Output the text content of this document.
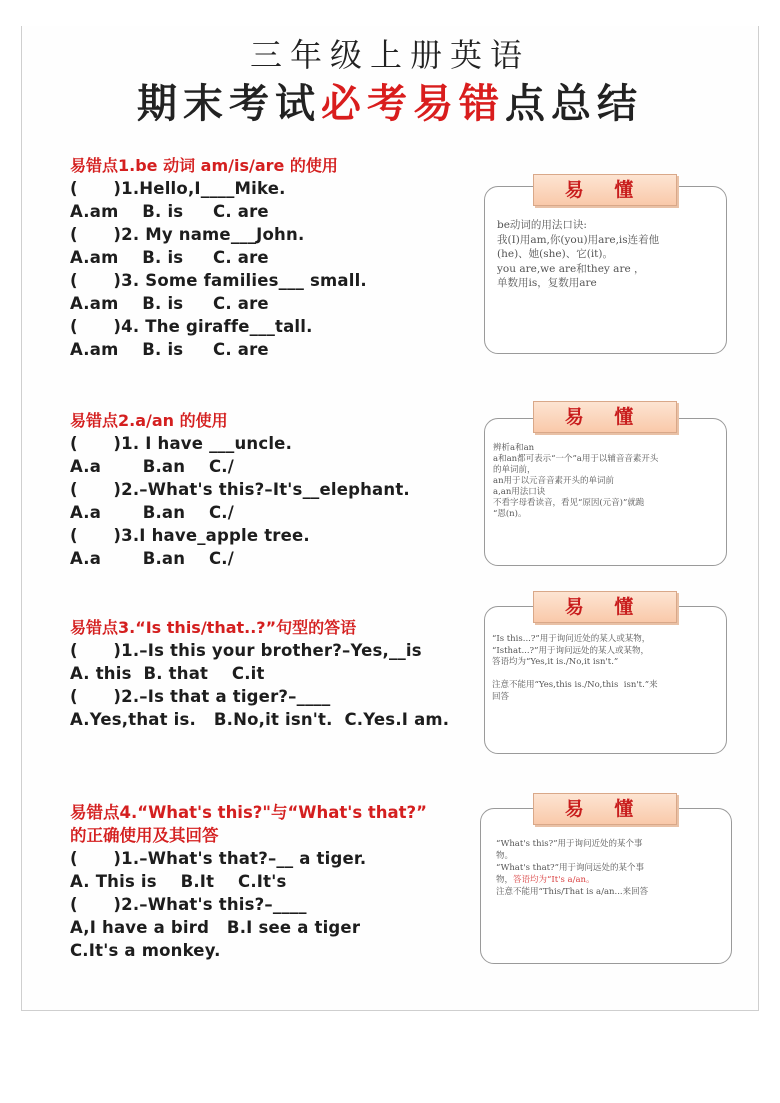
三年级上册英语
期末考试必考易错点总结
易错点1.be 动词 am/is/are 的使用
(      )1.Hello,I____Mike.
A.am    B. is     C. are
(      )2. My name___John.
A.am    B. is     C. are
(      )3. Some families___ small.
A.am    B. is     C. are
(      )4. The giraffe___tall.
A.am    B. is     C. are
易 懂
be动词的用法口诀:
我(I)用am,你(you)用are,is连着他
(he)、她(she)、它(it)。
you are,we are和they are ，
单数用is，复数用are
易错点2.a/an 的使用
(      )1. I have ___uncle.
A.a       B.an    C./
(      )2.–What's this?–It's__elephant.
A.a       B.an    C./
(      )3.I have_apple tree.
A.a       B.an    C./
易 懂
辨析a和an
a和an都可表示“一个”a用于以辅音音素开头
的单词前，
an用于以元音音素开头的单词前
a,an用法口诀
不看字母看读音，看见“原因(元音)”就跪
“恩(n)。
易错点3.“Is this/that..?”句型的答语
(      )1.–Is this your brother?–Yes,__is
A. this  B. that    C.it
(      )2.–Is that a tiger?–____
A.Yes,that is.   B.No,it isn't.  C.Yes.I am.
易 懂
“Is this...?”用于询问近处的某人或某物，
“Isthat...?”用于询问远处的某人或某物，
答语均为“Yes,it is./No,it isn't.”
注意不能用“Yes,this is./No,this  isn't.”来
回答
易错点4.“What's this?"与“What's that?”
的正确使用及其回答
(      )1.–What's that?–__ a tiger.
A. This is    B.It    C.It's
(      )2.–What's this?–____
A,I have a bird   B.I see a tiger
C.It's a monkey.
易 懂
“What's this?”用于询问近处的某个事
物。
“What's that?”用于询问远处的某个事
物，答语均为“It's a/an。
注意不能用“This/That is a/an...来回答
